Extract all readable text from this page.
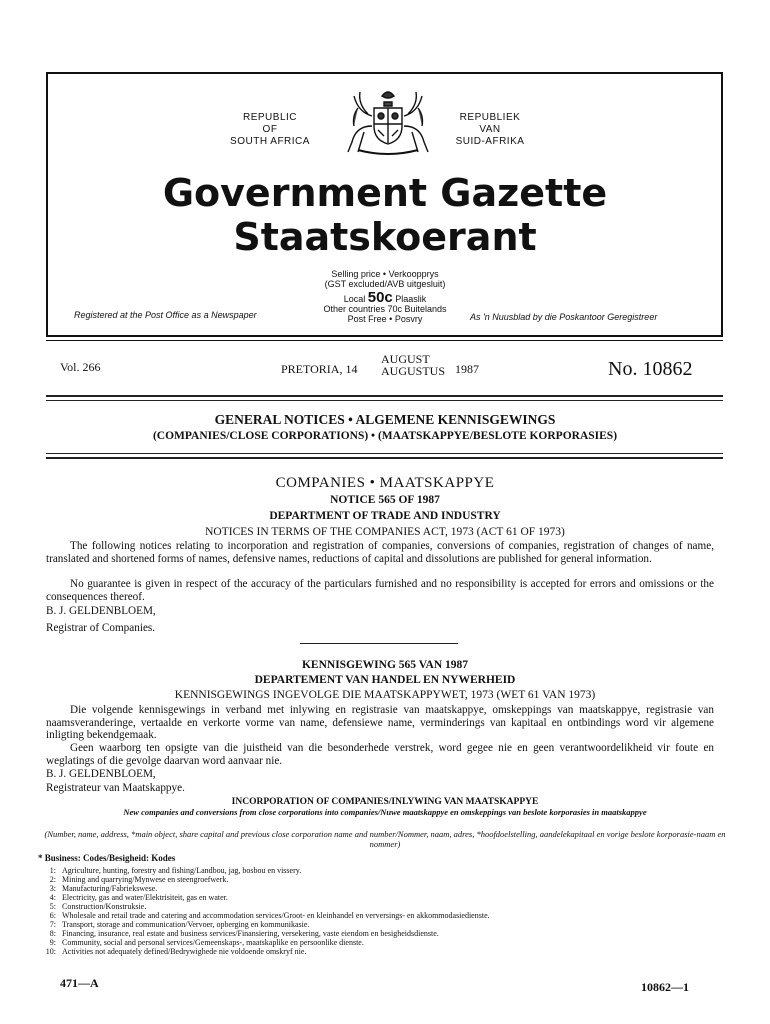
REPUBLIC
OF
SOUTH AFRICA
REPUBLIEK
VAN
SUID-AFRIKA
Government Gazette
Staatskoerant
Selling price • Verkoopprys
(GST excluded/AVB uitgesluit)
Local 50c Plaaslik
Other countries 70c Buitelands
Post Free • Posvry
Registered at the Post Office as a Newspaper	As 'n Nuusblad by die Poskantoor Geregistreer
Vol. 266	PRETORIA, 14
AUGUST
AUGUSTUS 1987	No. 10862
GENERAL NOTICES • ALGEMENE KENNISGEWINGS
(COMPANIES/CLOSE CORPORATIONS) • (MAATSKAPPYE/BESLOTE KORPORASIES)
COMPANIES • MAATSKAPPYE
NOTICE 565 OF 1987
DEPARTMENT OF TRADE AND INDUSTRY
NOTICES IN TERMS OF THE COMPANIES ACT, 1973 (ACT 61 OF 1973)
The following notices relating to incorporation and registration of companies, conversions of companies, registration of changes of name, translated and shortened forms of names, defensive names, reductions of capital and dissolutions are published for general information.
No guarantee is given in respect of the accuracy of the particulars furnished and no responsibility is accepted for errors and omissions or the consequences thereof.
B. J. GELDENBLOEM,
Registrar of Companies.
KENNISGEWING 565 VAN 1987
DEPARTEMENT VAN HANDEL EN NYWERHEID
KENNISGEWINGS INGEVOLGE DIE MAATSKAPPYWET, 1973 (WET 61 VAN 1973)
Die volgende kennisgewings in verband met inlywing en registrasie van maatskappye, omskeppings van maatskappye, registrasie van naamsveranderinge, vertaalde en verkorte vorme van name, defensiewe name, verminderings van kapitaal en ontbindings word vir algemene inligting bekendgemaak.
Geen waarborg ten opsigte van die juistheid van die besonderhede verstrek, word gegee nie en geen verantwoordelikheid vir foute en weglatings of die gevolge daarvan word aanvaar nie.
B. J. GELDENBLOEM,
Registrateur van Maatskappye.
INCORPORATION OF COMPANIES/INLYWING VAN MAATSKAPPYE
New companies and conversions from close corporations into companies/Nuwe maatskappye en omskeppings van beslote korporasies in maatskappye
(Number, name, address, *main object, share capital and previous close corporation name and number/Nommer, naam, adres, *hoofdoelstelling, aandelekapitaal en vorige beslote korporasie-naam en nommer)
* Business: Codes/Besigheid: Kodes
1: Agriculture, hunting, forestry and fishing/Landbou, jag, bosbou en vissery.
2: Mining and quarrying/Mynwese en steengroefwerk.
3: Manufacturing/Fabriekswese.
4: Electricity, gas and water/Elektrisiteit, gas en water.
5: Construction/Konstruksie.
6: Wholesale and retail trade and catering and accommodation services/Groot- en kleinhandel en verversings- en akkommodasiedienste.
7: Transport, storage and communication/Vervoer, opberging en kommunikasie.
8: Financing, insurance, real estate and business services/Finansiering, versekering, vaste eiendom en besigheidsdienste.
9: Community, social and personal services/Gemeenskaps-, maatskaplike en persoonlike dienste.
10: Activities not adequately defined/Bedrywighede nie voldoende omskryf nie.
471—A	10862—1
